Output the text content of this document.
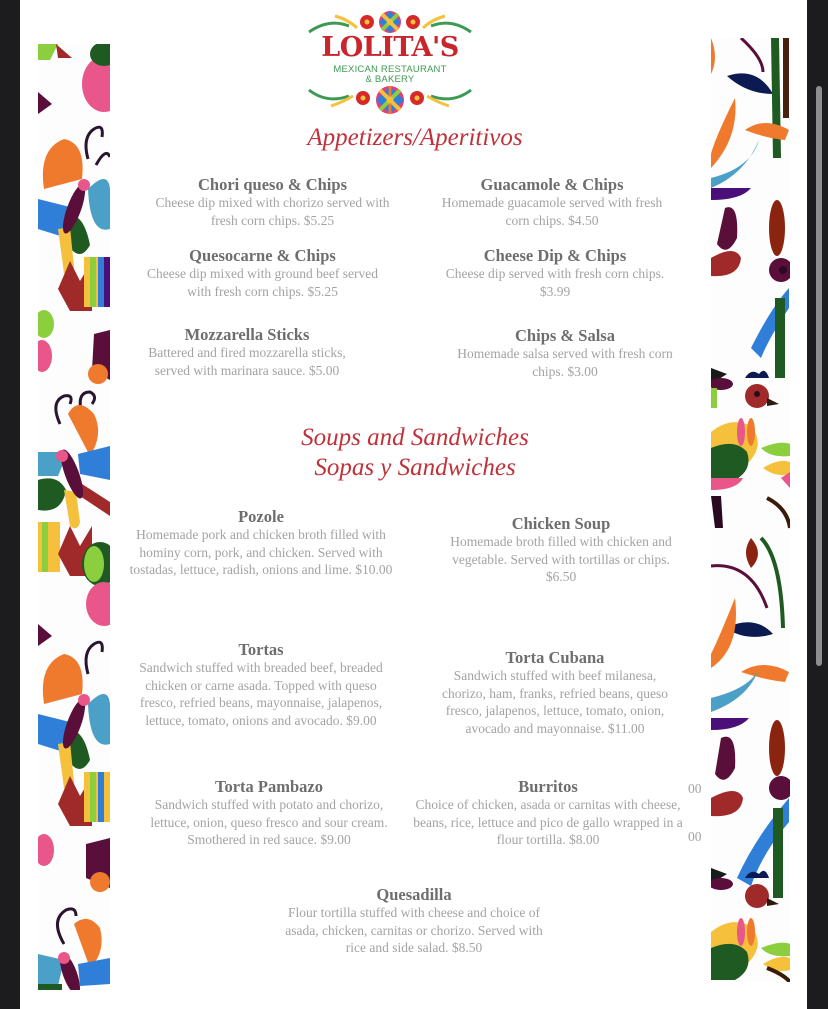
LOLITA'S
MEXICAN RESTAURANT
& BAKERY
Appetizers/Aperitivos
Chori queso & Chips
Cheese dip mixed with chorizo served with fresh corn chips. $5.25
Guacamole & Chips
Homemade guacamole served with fresh corn chips. $4.50
Quesocarne & Chips
Cheese dip mixed with ground beef served with fresh corn chips. $5.25
Cheese Dip & Chips
Cheese dip served with fresh corn chips. $3.99
Mozzarella Sticks
Battered and fired mozzarella sticks, served with marinara sauce. $5.00
Chips & Salsa
Homemade salsa served with fresh corn chips. $3.00
Soups and Sandwiches
Sopas y Sandwiches
Pozole
Homemade pork and chicken broth filled with hominy corn, pork, and chicken. Served with tostadas, lettuce, radish, onions and lime. $10.00
Chicken Soup
Homemade broth filled with chicken and vegetable. Served with tortillas or chips. $6.50
Tortas
Sandwich stuffed with breaded beef, breaded chicken or carne asada. Topped with queso fresco, refried beans, mayonnaise, jalapenos, lettuce, tomato, onions and avocado. $9.00
Torta Cubana
Sandwich stuffed with beef milanesa, chorizo, ham, franks, refried beans, queso fresco, jalapenos, lettuce, tomato, onion, avocado and mayonnaise. $11.00
Torta Pambazo
Sandwich stuffed with potato and chorizo, lettuce, onion, queso fresco and sour cream. Smothered in red sauce. $9.00
Burritos
Choice of chicken, asada or carnitas with cheese, beans, rice, lettuce and pico de gallo wrapped in a flour tortilla. $8.00
Quesadilla
Flour tortilla stuffed with cheese and choice of asada, chicken, carnitas or chorizo. Served with rice and side salad. $8.50
00
00
